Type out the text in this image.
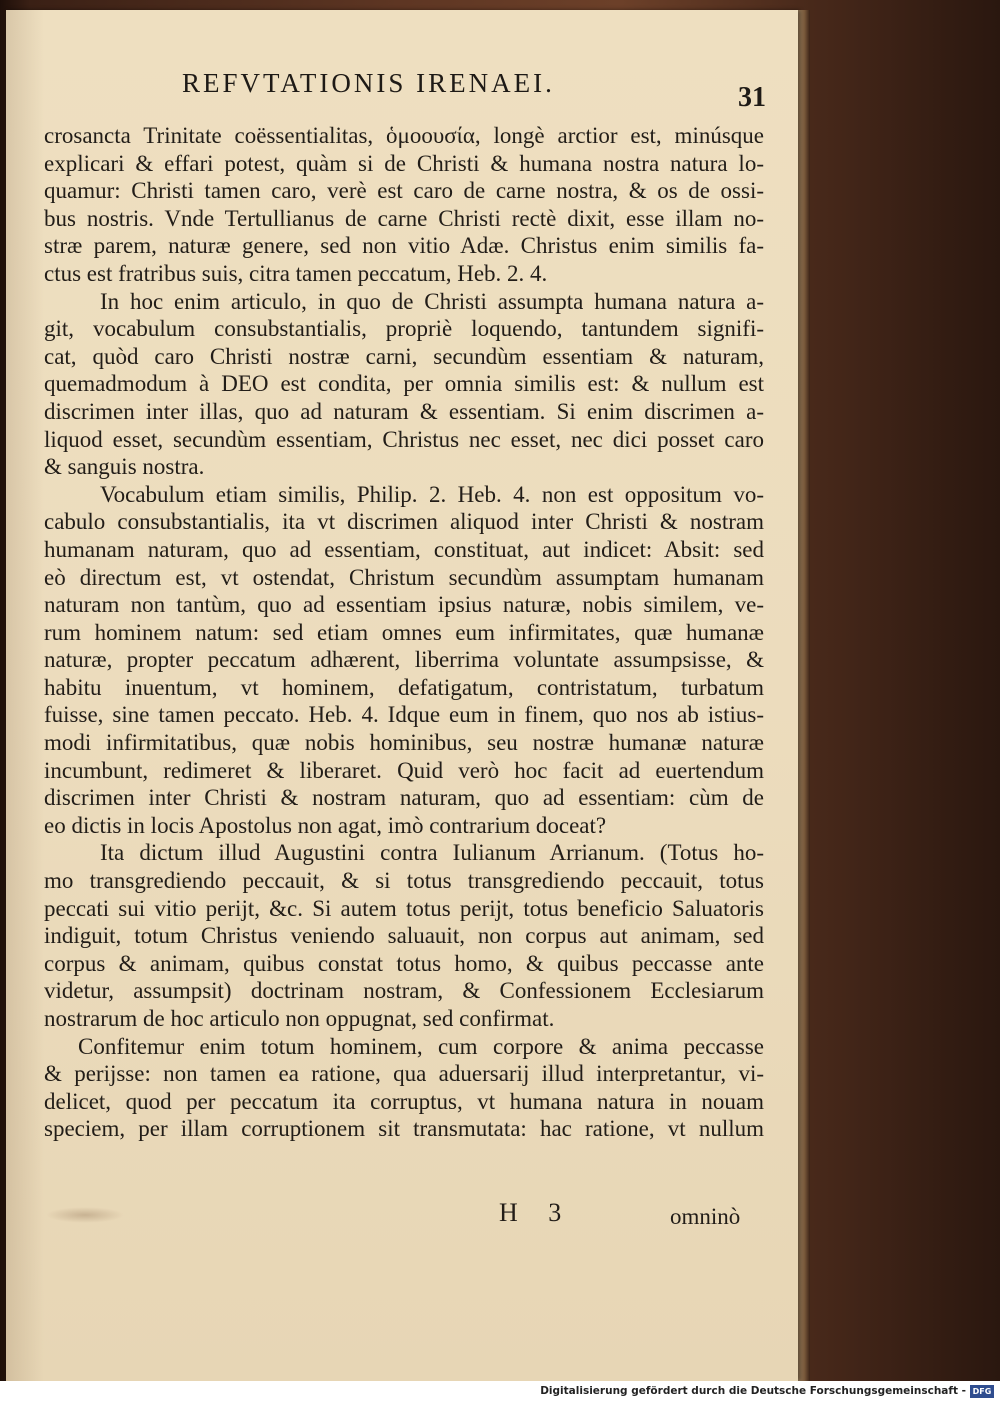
REFVTATIONIS IRENAEI.	31
crosancta Trinitate coëssentialitas, ὁμοουσία, longè arctior est, minúsque
explicari & effari potest, quàm si de Christi & humana nostra natura lo-
quamur: Christi tamen caro, verè est caro de carne nostra, & os de ossi-
bus nostris. Vnde Tertullianus de carne Christi rectè dixit, esse illam no-
stræ parem, naturæ genere, sed non vitio Adæ. Christus enim similis fa-
ctus est fratribus suis, citra tamen peccatum, Heb. 2. 4.
In hoc enim articulo, in quo de Christi assumpta humana natura a-
git, vocabulum consubstantialis, propriè loquendo, tantundem signifi-
cat, quòd caro Christi nostræ carni, secundùm essentiam & naturam,
quemadmodum à DEO est condita, per omnia similis est: & nullum est
discrimen inter illas, quo ad naturam & essentiam. Si enim discrimen a-
liquod esset, secundùm essentiam, Christus nec esset, nec dici posset caro
& sanguis nostra.
Vocabulum etiam similis, Philip. 2. Heb. 4. non est oppositum vo-
cabulo consubstantialis, ita vt discrimen aliquod inter Christi & nostram
humanam naturam, quo ad essentiam, constituat, aut indicet: Absit: sed
eò directum est, vt ostendat, Christum secundùm assumptam humanam
naturam non tantùm, quo ad essentiam ipsius naturæ, nobis similem, ve-
rum hominem natum: sed etiam omnes eum infirmitates, quæ humanæ
naturæ, propter peccatum adhærent, liberrima voluntate assumpsisse, &
habitu inuentum, vt hominem, defatigatum, contristatum, turbatum
fuisse, sine tamen peccato. Heb. 4. Idque eum in finem, quo nos ab istius-
modi infirmitatibus, quæ nobis hominibus, seu nostræ humanæ naturæ
incumbunt, redimeret & liberaret. Quid verò hoc facit ad euertendum
discrimen inter Christi & nostram naturam, quo ad essentiam: cùm de
eo dictis in locis Apostolus non agat, imò contrarium doceat?
Ita dictum illud Augustini contra Iulianum Arrianum. (Totus ho-
mo transgrediendo peccauit, & si totus transgrediendo peccauit, totus
peccati sui vitio perijt, &c. Si autem totus perijt, totus beneficio Saluatoris
indiguit, totum Christus veniendo saluauit, non corpus aut animam, sed
corpus & animam, quibus constat totus homo, & quibus peccasse ante
videtur, assumpsit) doctrinam nostram, & Confessionem Ecclesiarum
nostrarum de hoc articulo non oppugnat, sed confirmat.
Confitemur enim totum hominem, cum corpore & anima peccasse
& perijsse: non tamen ea ratione, qua aduersarij illud interpretantur, vi-
delicet, quod per peccatum ita corruptus, vt humana natura in nouam
speciem, per illam corruptionem sit transmutata: hac ratione, vt nullum
H 3	omninò
Digitalisierung gefördert durch die Deutsche Forschungsgemeinschaft - DFG
